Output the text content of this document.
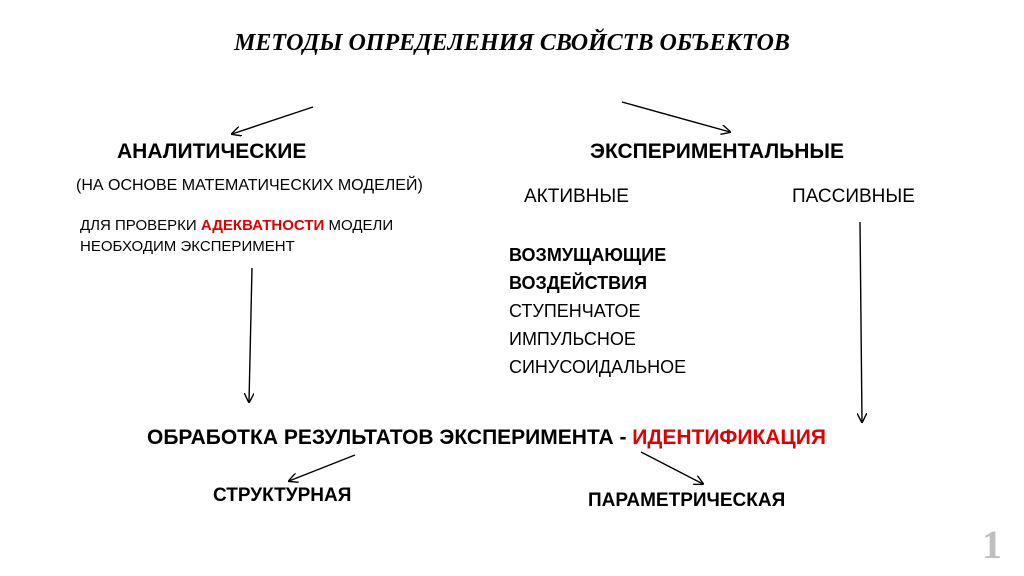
МЕТОДЫ ОПРЕДЕЛЕНИЯ СВОЙСТВ ОБЪЕКТОВ
АНАЛИТИЧЕСКИЕ
(НА ОСНОВЕ МАТЕМАТИЧЕСКИХ МОДЕЛЕЙ)
ДЛЯ ПРОВЕРКИ АДЕКВАТНОСТИ МОДЕЛИ
НЕОБХОДИМ ЭКСПЕРИМЕНТ
ЭКСПЕРИМЕНТАЛЬНЫЕ
АКТИВНЫЕ	ПАССИВНЫЕ
ВОЗМУЩАЮЩИЕ
ВОЗДЕЙСТВИЯ
СТУПЕНЧАТОЕ
ИМПУЛЬСНОЕ
СИНУСОИДАЛЬНОЕ
ОБРАБОТКА РЕЗУЛЬТАТОВ ЭКСПЕРИМЕНТА - ИДЕНТИФИКАЦИЯ
СТРУКТУРНАЯ	ПАРАМЕТРИЧЕСКАЯ
1
